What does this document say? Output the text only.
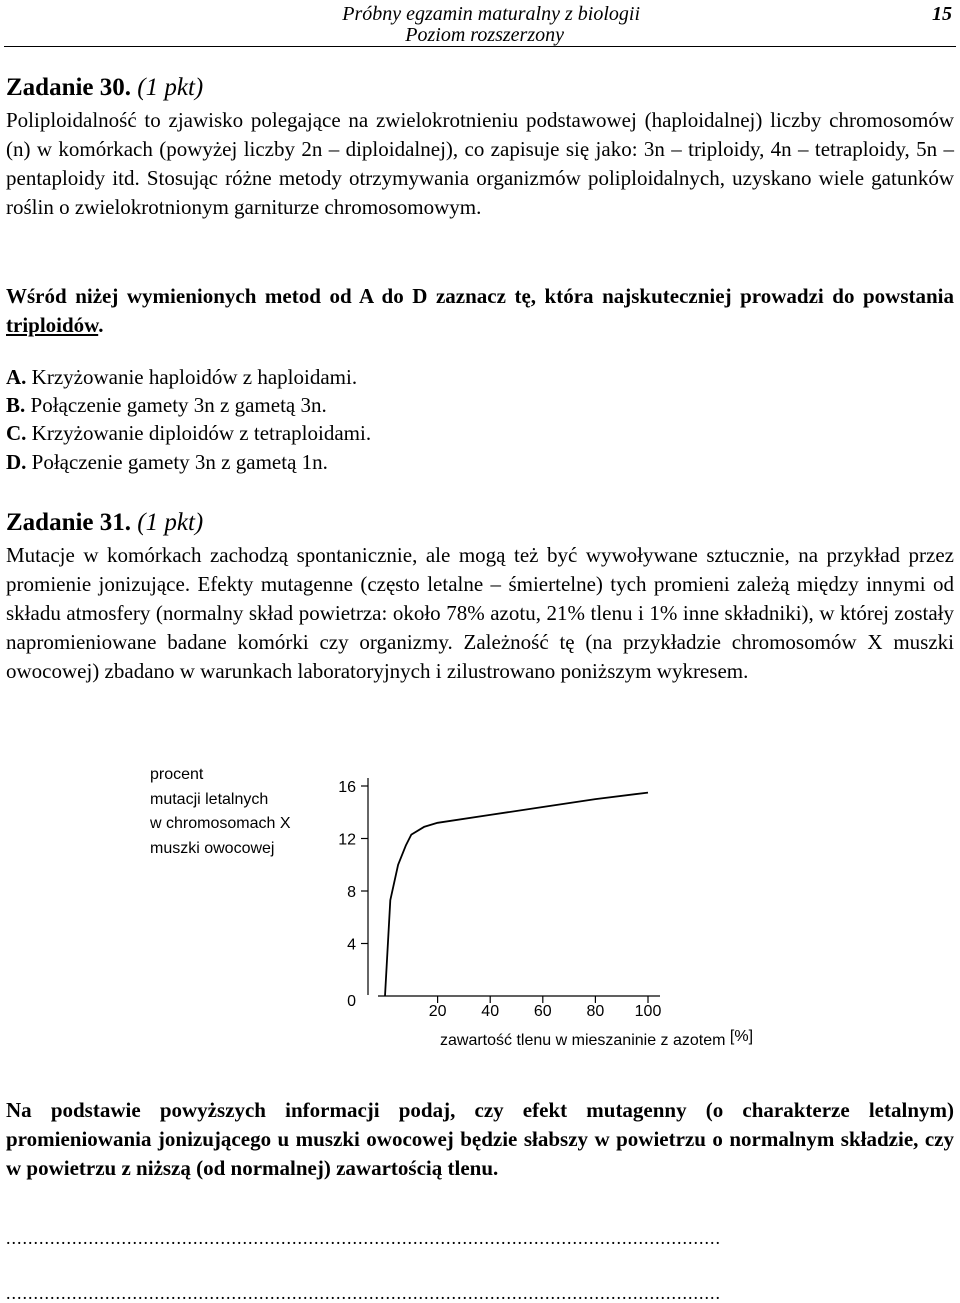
Próbny egzamin maturalny z biologii
Poziom rozszerzony
15
Zadanie 30. (1 pkt)
Poliploidalność to zjawisko polegające na zwielokrotnieniu podstawowej (haploidalnej) liczby chromosomów (n) w komórkach (powyżej liczby 2n – diploidalnej), co zapisuje się jako: 3n – triploidy, 4n – tetraploidy, 5n – pentaploidy itd. Stosując różne metody otrzymywania organizmów poliploidalnych, uzyskano wiele gatunków roślin o zwielokrotnionym garniturze chromosomowym.
Wśród niżej wymienionych metod od A do D zaznacz tę, która najskuteczniej prowadzi do powstania triploidów.
A. Krzyżowanie haploidów z haploidami.
B. Połączenie gamety 3n z gametą 3n.
C. Krzyżowanie diploidów z tetraploidami.
D. Połączenie gamety 3n z gametą 1n.
Zadanie 31. (1 pkt)
Mutacje w komórkach zachodzą spontanicznie, ale mogą też być wywoływane sztucznie, na przykład przez promienie jonizujące. Efekty mutagenne (często letalne – śmiertelne) tych promieni zależą między innymi od składu atmosfery (normalny skład powietrza: około 78% azotu, 21% tlenu i 1% inne składniki), w której zostały napromieniowane badane komórki czy organizmy. Zależność tę (na przykładzie chromosomów X muszki owocowej) zbadano w warunkach laboratoryjnych i zilustrowano poniższym wykresem.
procent
mutacji letalnych
w chromosomach X
muszki owocowej
16
12
8
4
0
20 40 60 80 100
zawartość tlenu w mieszaninie z azotem [%]
Na podstawie powyższych informacji podaj, czy efekt mutagenny (o charakterze letalnym) promieniowania jonizującego u muszki owocowej będzie słabszy w powietrzu o normalnym składzie, czy w powietrzu z niższą (od normalnej) zawartością tlenu.
..................................................................................................................................
..................................................................................................................................
